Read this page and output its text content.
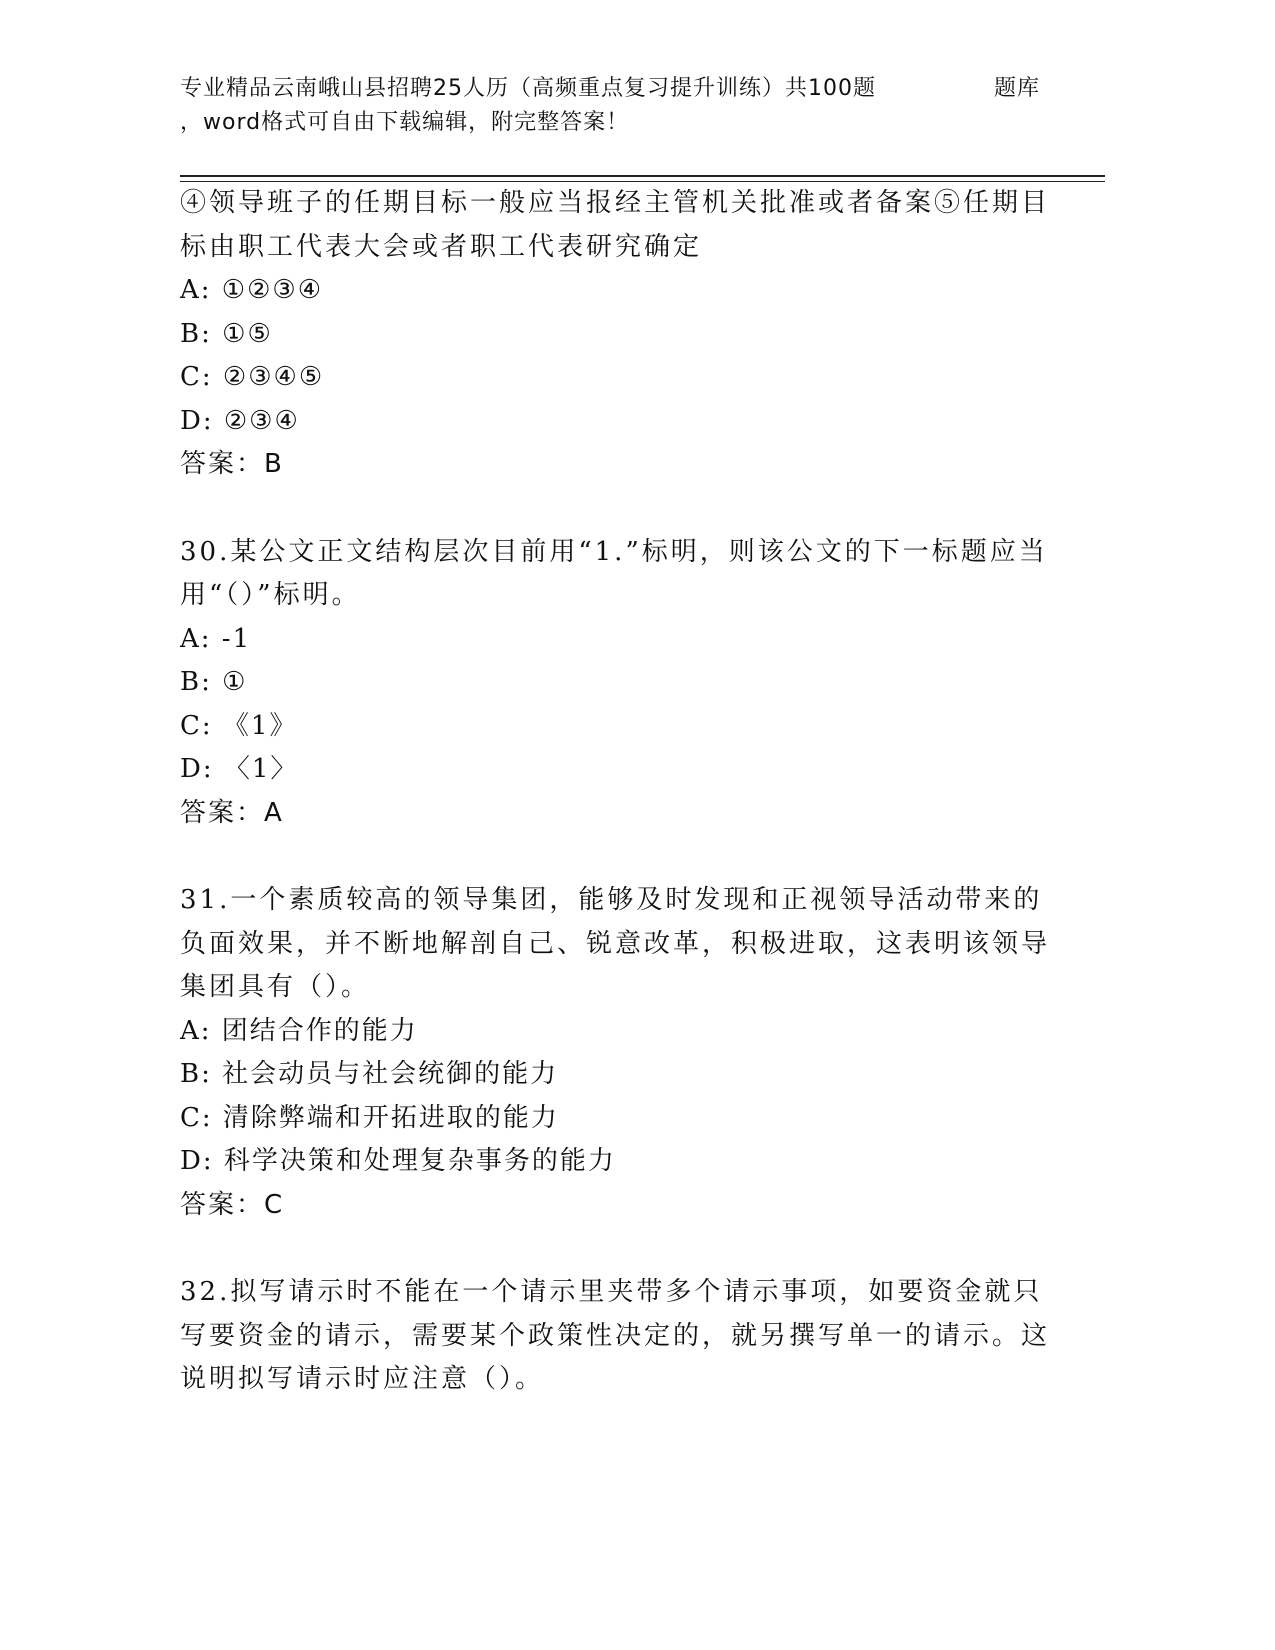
专业精品云南峨山县招聘25人历（高频重点复习提升训练）共100题	题库
，word格式可自由下载编辑，附完整答案！

④领导班子的任期目标一般应当报经主管机关批准或者备案⑤任期目标由职工代表大会或者职工代表研究确定

A: ①②③④
B: ①⑤
C: ②③④⑤
D: ②③④
答案：B

30.某公文正文结构层次目前用“1.”标明，则该公文的下一标题应当用“（）”标明。

A: -1
B: ①
C: 《1》
D: 〈1〉
答案：A

31.一个素质较高的领导集团，能够及时发现和正视领导活动带来的负面效果，并不断地解剖自己、锐意改革，积极进取，这表明该领导集团具有（）。

A: 团结合作的能力
B: 社会动员与社会统御的能力
C: 清除弊端和开拓进取的能力
D: 科学决策和处理复杂事务的能力
答案：C

32.拟写请示时不能在一个请示里夹带多个请示事项，如要资金就只写要资金的请示，需要某个政策性决定的，就另撰写单一的请示。这说明拟写请示时应注意（）。
